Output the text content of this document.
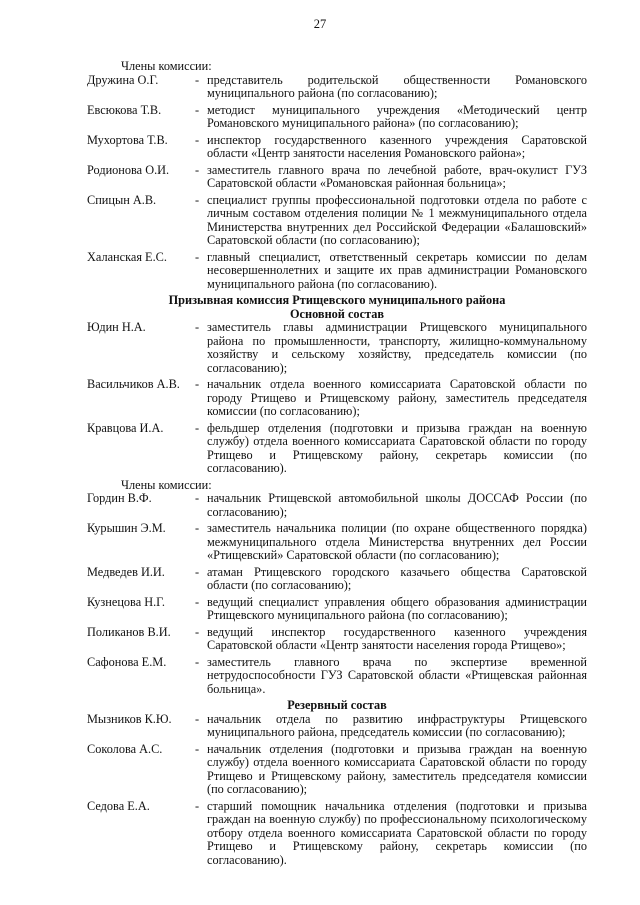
27
Члены комиссии:
Дружина О.Г.	- представитель родительской общественности Романовского муниципального района (по согласованию);
Евсюкова Т.В.	- методист муниципального учреждения «Методический центр Романовского муниципального района» (по согласованию);
Мухортова Т.В.	- инспектор государственного казенного учреждения Саратовской области «Центр занятости населения Романовского района»;
Родионова О.И.	- заместитель главного врача по лечебной работе, врач-окулист ГУЗ Саратовской области «Романовская районная больница»;
Спицын А.В.	- специалист группы профессиональной подготовки отдела по работе с личным составом отделения полиции № 1 межмуниципального отдела Министерства внутренних дел Российской Федерации «Балашовский» Саратовской области (по согласованию);
Халанская Е.С.	- главный специалист, ответственный секретарь комиссии по делам несовершеннолетних и защите их прав администрации Романовского муниципального района (по согласованию).
Призывная комиссия Ртищевского муниципального района
Основной состав
Юдин Н.А.	- заместитель главы администрации Ртищевского муниципального района по промышленности, транспорту, жилищно-коммунальному хозяйству и сельскому хозяйству, председатель комиссии (по согласованию);
Васильчиков А.В.	- начальник отдела военного комиссариата Саратовской области по городу Ртищево и Ртищевскому району, заместитель председателя комиссии (по согласованию);
Кравцова И.А.	- фельдшер отделения (подготовки и призыва граждан на военную службу) отдела военного комиссариата Саратовской области по городу Ртищево и Ртищевскому району, секретарь комиссии (по согласованию).
Члены комиссии:
Гордин В.Ф.	- начальник Ртищевской автомобильной школы ДОССАФ России (по согласованию);
Курышин Э.М.	- заместитель начальника полиции (по охране общественного порядка) межмуниципального отдела Министерства внутренних дел России «Ртищевский» Саратовской области (по согласованию);
Медведев И.И.	- атаман Ртищевского городского казачьего общества Саратовской области (по согласованию);
Кузнецова Н.Г.	- ведущий специалист управления общего образования администрации Ртищевского муниципального района (по согласованию);
Поликанов В.И.	- ведущий инспектор государственного казенного учреждения Саратовской области «Центр занятости населения города Ртищево»;
Сафонова Е.М.	- заместитель главного врача по экспертизе временной нетрудоспособности ГУЗ Саратовской области «Ртищевская районная больница».
Резервный состав
Мызников К.Ю.	- начальник отдела по развитию инфраструктуры Ртищевского муниципального района, председатель комиссии (по согласованию);
Соколова А.С.	- начальник отделения (подготовки и призыва граждан на военную службу) отдела военного комиссариата Саратовской области по городу Ртищево и Ртищевскому району, заместитель председателя комиссии (по согласованию);
Седова Е.А.	- старший помощник начальника отделения (подготовки и призыва граждан на военную службу) по профессиональному психологическому отбору отдела военного комиссариата Саратовской области по городу Ртищево и Ртищевскому району, секретарь комиссии (по согласованию).
